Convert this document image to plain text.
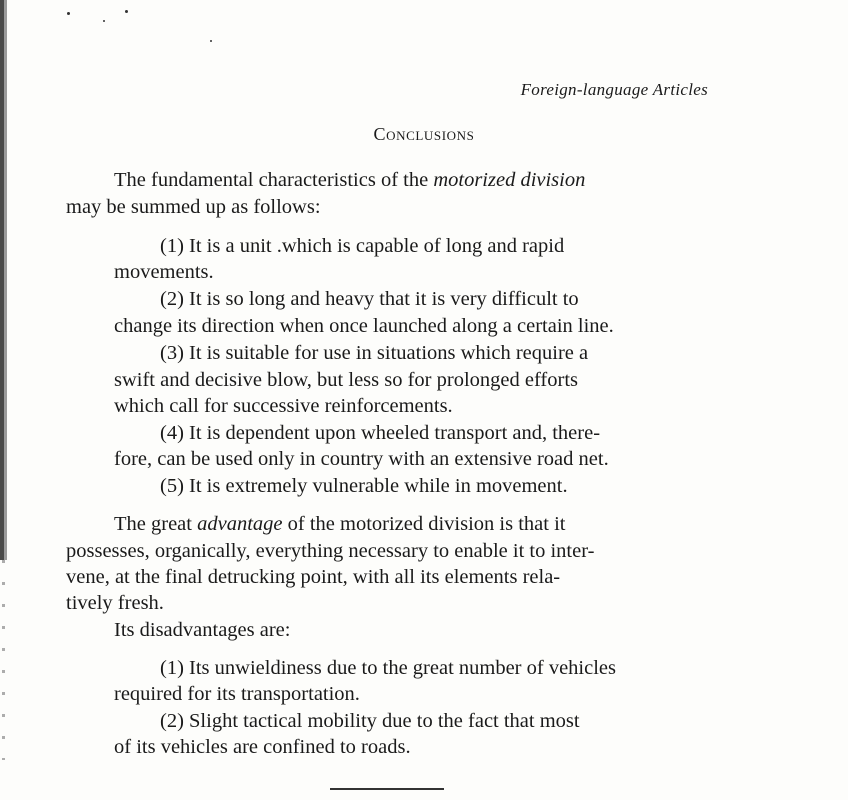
Foreign-language Articles
Conclusions
The fundamental characteristics of the motorized division
may be summed up as follows:
(1) It is a unit .which is capable of long and rapid
movements.
(2) It is so long and heavy that it is very difficult to
change its direction when once launched along a certain line.
(3) It is suitable for use in situations which require a
swift and decisive blow, but less so for prolonged efforts
which call for successive reinforcements.
(4) It is dependent upon wheeled transport and, there-
fore, can be used only in country with an extensive road net.
(5) It is extremely vulnerable while in movement.
The great advantage of the motorized division is that it
possesses, organically, everything necessary to enable it to inter-
vene, at the final detrucking point, with all its elements rela-
tively fresh.
Its disadvantages are:
(1) Its unwieldiness due to the great number of vehicles
required for its transportation.
(2) Slight tactical mobility due to the fact that most
of its vehicles are confined to roads.
